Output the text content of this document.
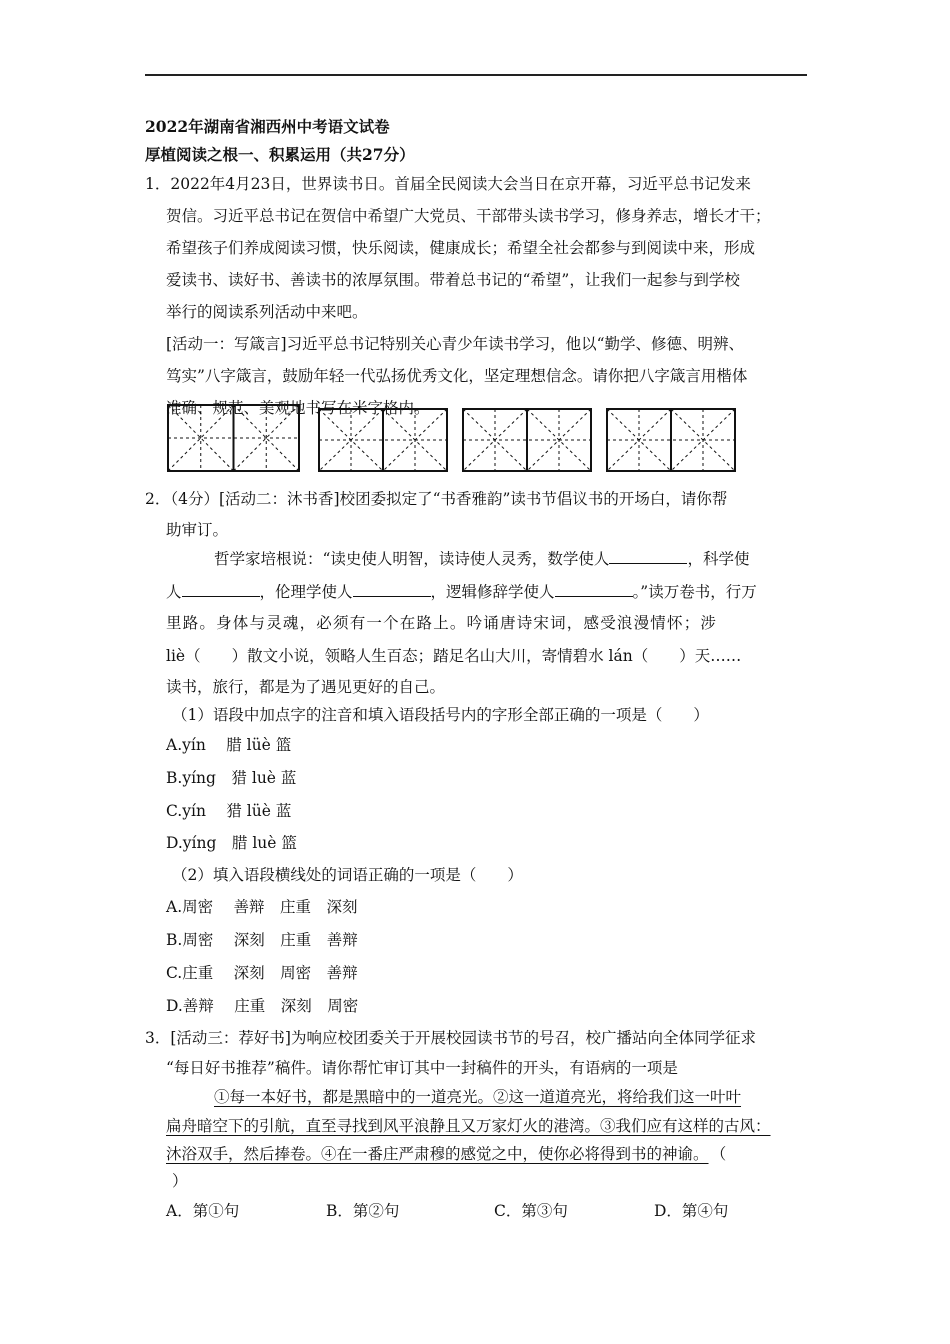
2022年湖南省湘西州中考语文试卷
厚植阅读之根一、积累运用（共27分）
1．2022年4月23日，世界读书日。首届全民阅读大会当日在京开幕，习近平总书记发来
贺信。习近平总书记在贺信中希望广大党员、干部带头读书学习，修身养志，增长才干；
希望孩子们养成阅读习惯，快乐阅读，健康成长；希望全社会都参与到阅读中来，形成
爱读书、读好书、善读书的浓厚氛围。带着总书记的“希望”，让我们一起参与到学校
举行的阅读系列活动中来吧。
[活动一：写箴言]习近平总书记特别关心青少年读书学习，他以“勤学、修德、明辨、
笃实”八字箴言，鼓励年轻一代弘扬优秀文化，坚定理想信念。请你把八字箴言用楷体
准确、规范、美观地书写在米字格内。
2．（4分）[活动二：沐书香]校团委拟定了“书香雅韵”读书节倡议书的开场白，请你帮
助审订。
哲学家培根说：“读史使人明智，读诗使人灵秀，数学使人	，科学使
人	，伦理学使人	，逻辑修辞学使人	。”读万卷书，行万
里路。身体与灵魂，必须有一个在路上。吟诵唐诗宋词，感受浪漫情怀；涉
liè（　　）散文小说，领略人生百态；踏足名山大川，寄情碧水 lán（　　）天……
读书，旅行，都是为了遇见更好的自己。
（1）语段中加点字的注音和填入语段括号内的字形全部正确的一项是（　　）
A.yín　 腊 lüè 篮
B.yíng　猎 luè 蓝
C.yín　 猎 lüè 蓝
D.yíng　腊 luè 篮
（2）填入语段横线处的词语正确的一项是（　　）
A.周密　 善辩　庄重　深刻
B.周密　 深刻　庄重　善辩
C.庄重　 深刻　周密　善辩
D.善辩　 庄重　深刻　周密
3．[活动三：荐好书]为响应校团委关于开展校园读书节的号召，校广播站向全体同学征求
“每日好书推荐”稿件。请你帮忙审订其中一封稿件的开头，有语病的一项是
①每一本好书，都是黑暗中的一道亮光。②这一道道亮光，将给我们这一叶叶
扁舟暗空下的引航，直至寻找到风平浪静且又万家灯火的港湾。③我们应有这样的古风：
沐浴双手，然后捧卷。④在一番庄严肃穆的感觉之中，使你必将得到书的神谕。 （
）
A．第①句	B．第②句	C．第③句	D．第④句
